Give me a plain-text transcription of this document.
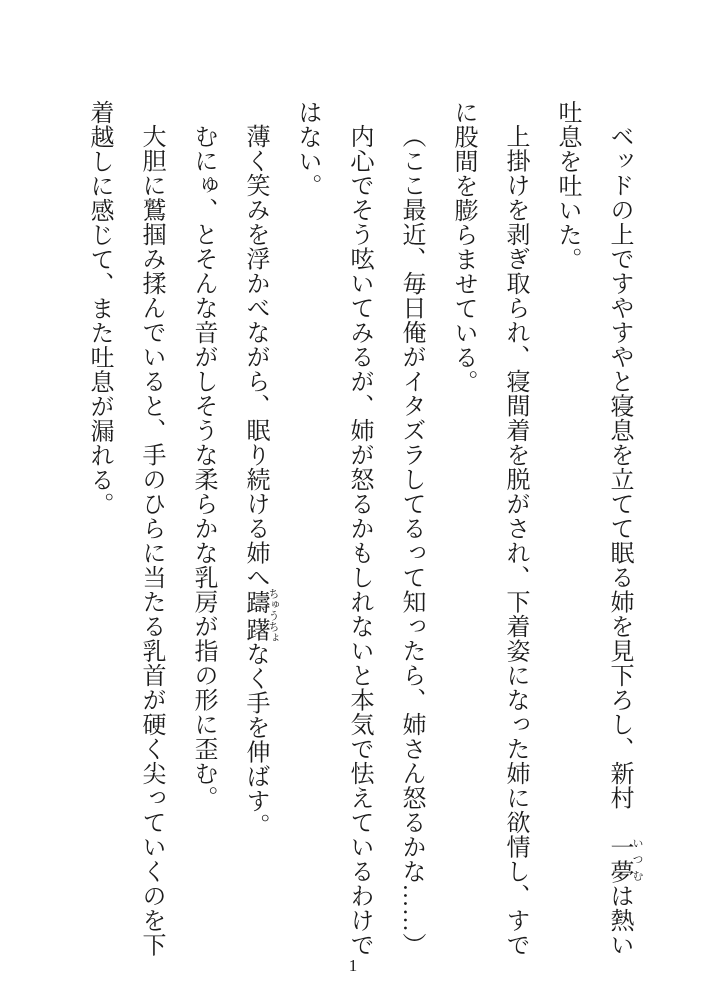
ベッドの上ですやすやと寝息を立てて眠る姉を見下ろし、新村　一夢 いつむは熱い吐息を吐いた。

上掛けを剥ぎ取られ、寝間着を脱がされ、下着姿になった姉に欲情し、すでに股間を膨らませている。

（ここ最近、毎日俺がイタズラしてるって知ったら、姉さん怒るかな……）

内心でそう呟いてみるが、姉が怒るかもしれないと本気で怯えているわけではない。

薄く笑みを浮かべながら、眠り続ける姉へ躊躇 ちゅうちょなく手を伸ばす。

むにゅ、とそんな音がしそうな柔らかな乳房が指の形に歪む。

大胆に鷲掴み揉んでいると、手のひらに当たる乳首が硬く尖っていくのを下着越しに感じて、また吐息が漏れる。

1
